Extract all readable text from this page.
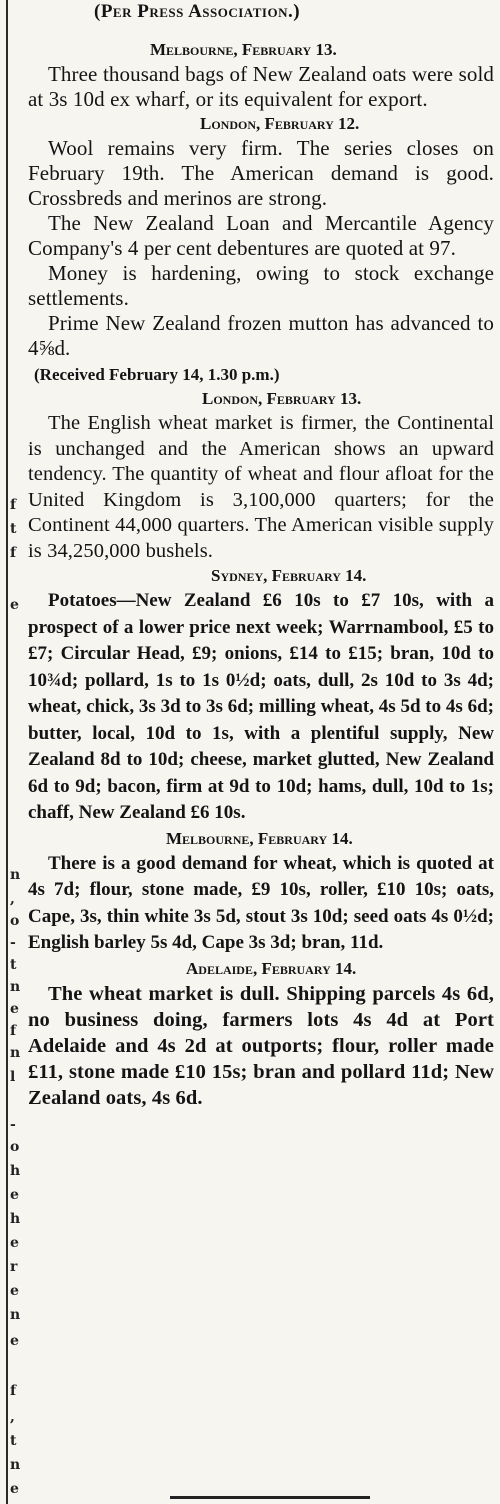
f
t
f
e
n
,
o
-
t
n
e
f
n
l
-
o
h
e
h
e
r
e
n
e
f
,
t
n
e
(Per Press Association.)
Melbourne, February 13.

Three thousand bags of New Zealand oats were sold at 3s 10d ex wharf, or its equivalent for export.

London, February 12.

Wool remains very firm. The series closes on February 19th. The American demand is good. Crossbreds and merinos are strong.

The New Zealand Loan and Mercantile Agency Company's 4 per cent debentures are quoted at 97.

Money is hardening, owing to stock exchange settlements.

Prime New Zealand frozen mutton has advanced to 4⅝d.

(Received February 14, 1.30 p.m.)
London, February 13.

The English wheat market is firmer, the Continental is unchanged and the American shows an upward tendency. The quantity of wheat and flour afloat for the United Kingdom is 3,100,000 quarters; for the Continent 44,000 quarters. The American visible supply is 34,250,000 bushels.

Sydney, February 14.

Potatoes—New Zealand £6 10s to £7 10s, with a prospect of a lower price next week; Warrnambool, £5 to £7; Circular Head, £9; onions, £14 to £15; bran, 10d to 10¾d; pollard, 1s to 1s 0½d; oats, dull, 2s 10d to 3s 4d; wheat, chick, 3s 3d to 3s 6d; milling wheat, 4s 5d to 4s 6d; butter, local, 10d to 1s, with a plentiful supply, New Zealand 8d to 10d; cheese, market glutted, New Zealand 6d to 9d; bacon, firm at 9d to 10d; hams, dull, 10d to 1s; chaff, New Zealand £6 10s.

Melbourne, February 14.

There is a good demand for wheat, which is quoted at 4s 7d; flour, stone made, £9 10s, roller, £10 10s; oats, Cape, 3s, thin white 3s 5d, stout 3s 10d; seed oats 4s 0½d; English barley 5s 4d, Cape 3s 3d; bran, 11d.

Adelaide, February 14.

The wheat market is dull. Shipping parcels 4s 6d, no business doing, farmers lots 4s 4d at Port Adelaide and 4s 2d at outports; flour, roller made £11, stone made £10 15s; bran and pollard 11d; New Zealand oats, 4s 6d.
